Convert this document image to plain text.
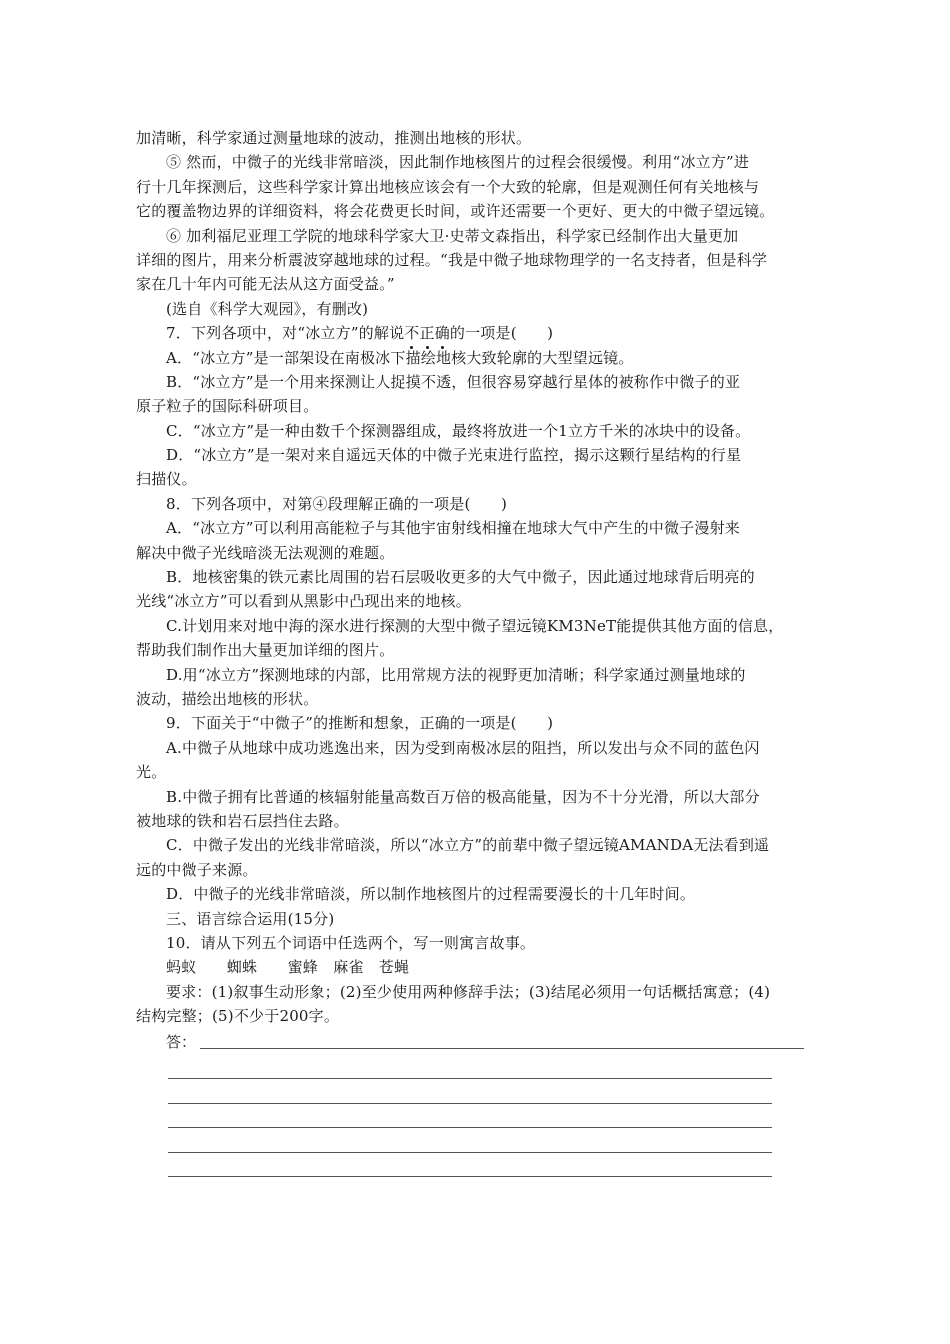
加清晰，科学家通过测量地球的波动，推测出地核的形状。
⑤ 然而，中微子的光线非常暗淡，因此制作地核图片的过程会很缓慢。利用“冰立方”进
行十几年探测后，这些科学家计算出地核应该会有一个大致的轮廓，但是观测任何有关地核与
它的覆盖物边界的详细资料，将会花费更长时间，或许还需要一个更好、更大的中微子望远镜。
⑥ 加利福尼亚理工学院的地球科学家大卫·史蒂文森指出，科学家已经制作出大量更加
详细的图片，用来分析震波穿越地球的过程。“我是中微子地球物理学的一名支持者，但是科学
家在几十年内可能无法从这方面受益。”
(选自《科学大观园》，有删改)
7．下列各项中，对“冰立方”的解说不正确的一项是(　　)
A．“冰立方”是一部架设在南极冰下描绘地核大致轮廓的大型望远镜。
B．“冰立方”是一个用来探测让人捉摸不透，但很容易穿越行星体的被称作中微子的亚
原子粒子的国际科研项目。
C．“冰立方”是一种由数千个探测器组成，最终将放进一个1立方千米的冰块中的设备。
D．“冰立方”是一架对来自遥远天体的中微子光束进行监控，揭示这颗行星结构的行星
扫描仪。
8．下列各项中，对第④段理解正确的一项是(　　)
A．“冰立方”可以利用高能粒子与其他宇宙射线相撞在地球大气中产生的中微子漫射来
解决中微子光线暗淡无法观测的难题。
B．地核密集的铁元素比周围的岩石层吸收更多的大气中微子，因此通过地球背后明亮的
光线“冰立方”可以看到从黑影中凸现出来的地核。
C.计划用来对地中海的深水进行探测的大型中微子望远镜KM3NeT能提供其他方面的信息，
帮助我们制作出大量更加详细的图片。
D.用“冰立方”探测地球的内部，比用常规方法的视野更加清晰；科学家通过测量地球的
波动，描绘出地核的形状。
9．下面关于“中微子”的推断和想象，正确的一项是(　　)
A.中微子从地球中成功逃逸出来，因为受到南极冰层的阻挡，所以发出与众不同的蓝色闪
光。
B.中微子拥有比普通的核辐射能量高数百万倍的极高能量，因为不十分光滑，所以大部分
被地球的铁和岩石层挡住去路。
C．中微子发出的光线非常暗淡，所以“冰立方”的前辈中微子望远镜AMANDA无法看到遥
远的中微子来源。
D．中微子的光线非常暗淡，所以制作地核图片的过程需要漫长的十几年时间。
三、语言综合运用(15分)
10．请从下列五个词语中任选两个，写一则寓言故事。
蚂蚁　　蜘蛛　　蜜蜂　麻雀　苍蝇
要求：(1)叙事生动形象；(2)至少使用两种修辞手法；(3)结尾必须用一句话概括寓意；(4)
结构完整；(5)不少于200字。
答：
